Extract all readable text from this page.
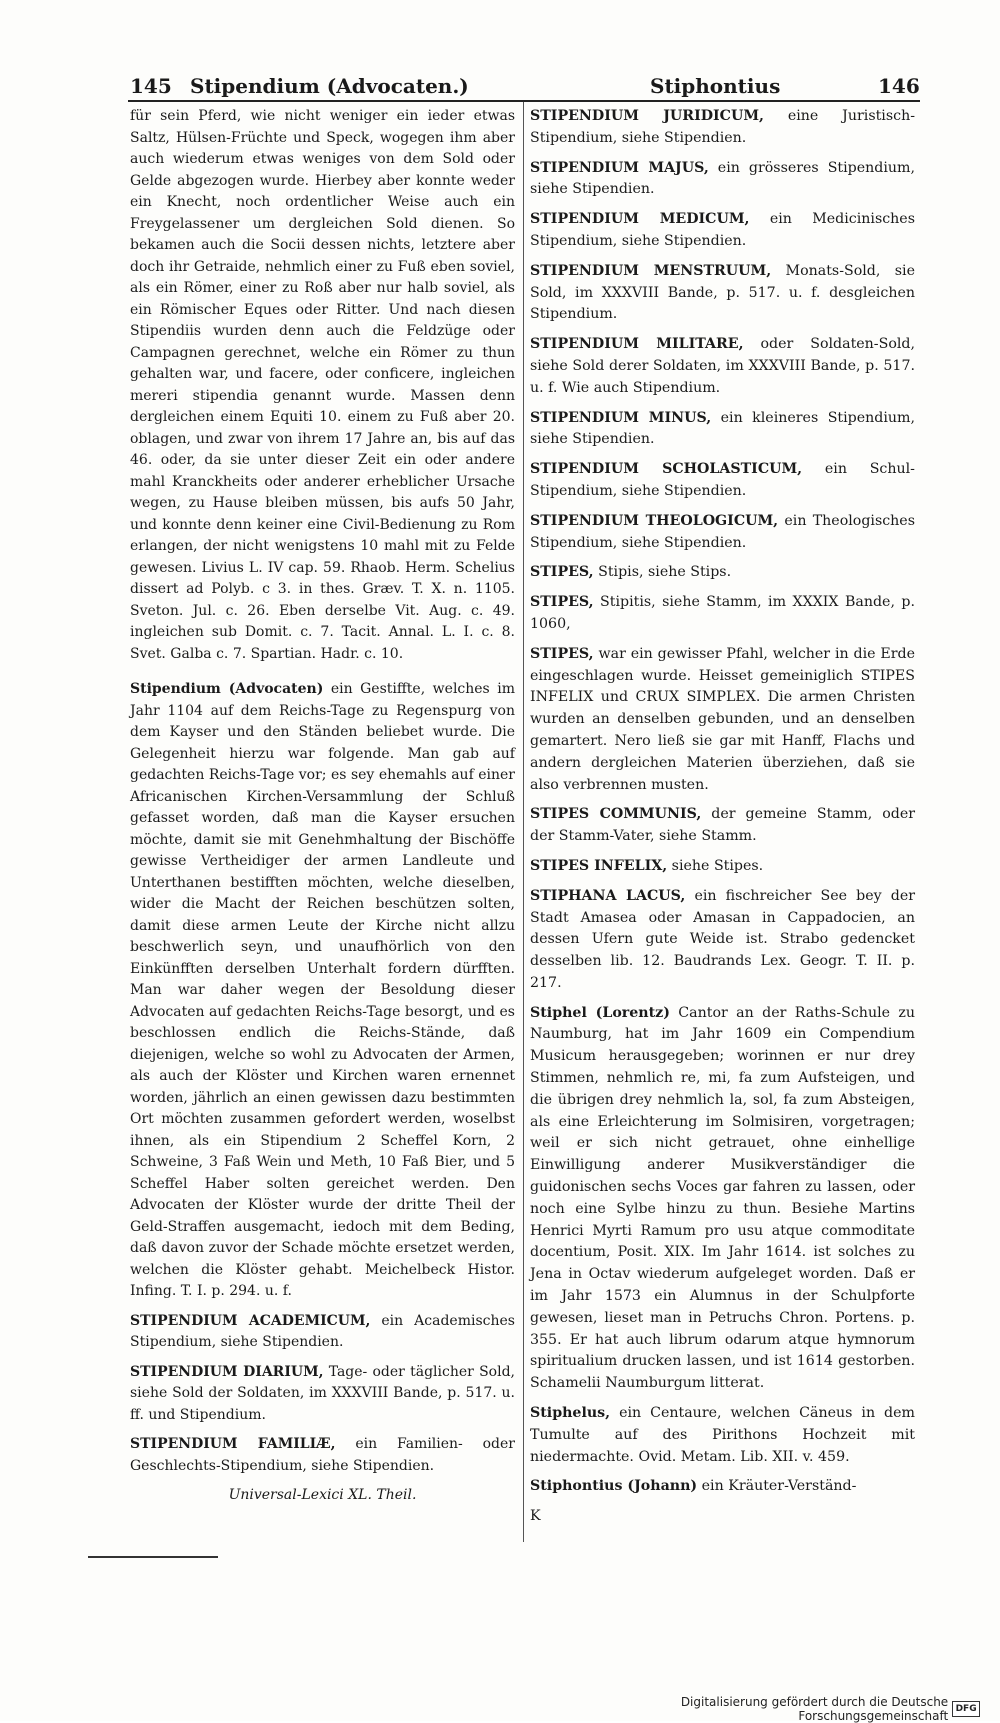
145 Stipendium (Advocaten.)	Stiphontius	146

für sein Pferd, wie nicht weniger ein ieder etwas Saltz, Hülsen-Früchte und Speck, wogegen ihm aber auch wiederum etwas weniges von dem Sold oder Gelde abgezogen wurde. Hierbey aber konnte weder ein Knecht, noch ordentlicher Weise auch ein Freygelassener um dergleichen Sold dienen. So bekamen auch die Socii dessen nichts, letztere aber doch ihr Getraide, nehmlich einer zu Fuß eben soviel, als ein Römer, einer zu Roß aber nur halb soviel, als ein Römischer Eques oder Ritter. Und nach diesen Stipendiis wurden denn auch die Feldzüge oder Campagnen gerechnet, welche ein Römer zu thun gehalten war, und facere, oder conficere, ingleichen mereri stipendia genannt wurde. Massen denn dergleichen einem Equiti 10. einem zu Fuß aber 20. oblagen, und zwar von ihrem 17 Jahre an, bis auf das 46. oder, da sie unter dieser Zeit ein oder andere mahl Kranckheits oder anderer erheblicher Ursache wegen, zu Hause bleiben müssen, bis aufs 50 Jahr, und konnte denn keiner eine Civil-Bedienung zu Rom erlangen, der nicht wenigstens 10 mahl mit zu Felde gewesen. Livius L. IV cap. 59. Rhaob. Herm. Schelius dissert ad Polyb. c 3. in thes. Græv. T. X. n. 1105. Sveton. Jul. c. 26. Eben derselbe Vit. Aug. c. 49. ingleichen sub Domit. c. 7. Tacit. Annal. L. I. c. 8. Svet. Galba c. 7. Spartian. Hadr. c. 10.

Stipendium (Advocaten) ein Gestiffte, welches im Jahr 1104 auf dem Reichs-Tage zu Regenspurg von dem Kayser und den Ständen beliebet wurde. Die Gelegenheit hierzu war folgende. Man gab auf gedachten Reichs-Tage vor; es sey ehemahls auf einer Africanischen Kirchen-Versammlung der Schluß gefasset worden, daß man die Kayser ersuchen möchte, damit sie mit Genehmhaltung der Bischöffe gewisse Vertheidiger der armen Landleute und Unterthanen bestifften möchten, welche dieselben, wider die Macht der Reichen beschützen solten, damit diese armen Leute der Kirche nicht allzu beschwerlich seyn, und unaufhörlich von den Einkünfften derselben Unterhalt fordern dürfften. Man war daher wegen der Besoldung dieser Advocaten auf gedachten Reichs-Tage besorgt, und es beschlossen endlich die Reichs-Stände, daß diejenigen, welche so wohl zu Advocaten der Armen, als auch der Klöster und Kirchen waren ernennet worden, jährlich an einen gewissen dazu bestimmten Ort möchten zusammen gefordert werden, woselbst ihnen, als ein Stipendium 2 Scheffel Korn, 2 Schweine, 3 Faß Wein und Meth, 10 Faß Bier, und 5 Scheffel Haber solten gereichet werden. Den Advocaten der Klöster wurde der dritte Theil der Geld-Straffen ausgemacht, iedoch mit dem Beding, daß davon zuvor der Schade möchte ersetzet werden, welchen die Klöster gehabt. Meichelbeck Histor. Infing. T. I. p. 294. u. f.

STIPENDIUM ACADEMICUM, ein Academisches Stipendium, siehe Stipendien.

STIPENDIUM DIARIUM, Tage- oder täglicher Sold, siehe Sold der Soldaten, im XXXVIII Bande, p. 517. u. ff. und Stipendium.

STIPENDIUM FAMILIÆ, ein Familien- oder Geschlechts-Stipendium, siehe Stipendien.

Universal-Lexici XL. Theil.

STIPENDIUM JURIDICUM, eine Juristisch-Stipendium, siehe Stipendien.

STIPENDIUM MAJUS, ein grösseres Stipendium, siehe Stipendien.

STIPENDIUM MEDICUM, ein Medicinisches Stipendium, siehe Stipendien.

STIPENDIUM MENSTRUUM, Monats-Sold, sie Sold, im XXXVIII Bande, p. 517. u. f. desgleichen Stipendium.

STIPENDIUM MILITARE, oder Soldaten-Sold, siehe Sold derer Soldaten, im XXXVIII Bande, p. 517. u. f. Wie auch Stipendium.

STIPENDIUM MINUS, ein kleineres Stipendium, siehe Stipendien.

STIPENDIUM SCHOLASTICUM, ein Schul-Stipendium, siehe Stipendien.

STIPENDIUM THEOLOGICUM, ein Theologisches Stipendium, siehe Stipendien.

STIPES, Stipis, siehe Stips.

STIPES, Stipitis, siehe Stamm, im XXXIX Bande, p. 1060,

STIPES, war ein gewisser Pfahl, welcher in die Erde eingeschlagen wurde. Heisset gemeiniglich STIPES INFELIX und CRUX SIMPLEX. Die armen Christen wurden an denselben gebunden, und an denselben gemartert. Nero ließ sie gar mit Hanff, Flachs und andern dergleichen Materien überziehen, daß sie also verbrennen musten.

STIPES COMMUNIS, der gemeine Stamm, oder der Stamm-Vater, siehe Stamm.

STIPES INFELIX, siehe Stipes.

STIPHANA LACUS, ein fischreicher See bey der Stadt Amasea oder Amasan in Cappadocien, an dessen Ufern gute Weide ist. Strabo gedencket desselben lib. 12. Baudrands Lex. Geogr. T. II. p. 217.

Stiphel (Lorentz) Cantor an der Raths-Schule zu Naumburg, hat im Jahr 1609 ein Compendium Musicum herausgegeben; worinnen er nur drey Stimmen, nehmlich re, mi, fa zum Aufsteigen, und die übrigen drey nehmlich la, sol, fa zum Absteigen, als eine Erleichterung im Solmisiren, vorgetragen; weil er sich nicht getrauet, ohne einhellige Einwilligung anderer Musikverständiger die guidonischen sechs Voces gar fahren zu lassen, oder noch eine Sylbe hinzu zu thun. Besiehe Martins Henrici Myrti Ramum pro usu atque commoditate docentium, Posit. XIX. Im Jahr 1614. ist solches zu Jena in Octav wiederum aufgeleget worden. Daß er im Jahr 1573 ein Alumnus in der Schulpforte gewesen, lieset man in Petruchs Chron. Portens. p. 355. Er hat auch librum odarum atque hymnorum spiritualium drucken lassen, und ist 1614 gestorben. Schamelii Naumburgum litterat.

Stiphelus, ein Centaure, welchen Cäneus in dem Tumulte auf des Pirithons Hochzeit mit niedermachte. Ovid. Metam. Lib. XII. v. 459.

Stiphontius (Johann) ein Kräuter-Verständ-

K
Digitalisierung gefördert durch die Deutsche Forschungsgemeinschaft DFG
